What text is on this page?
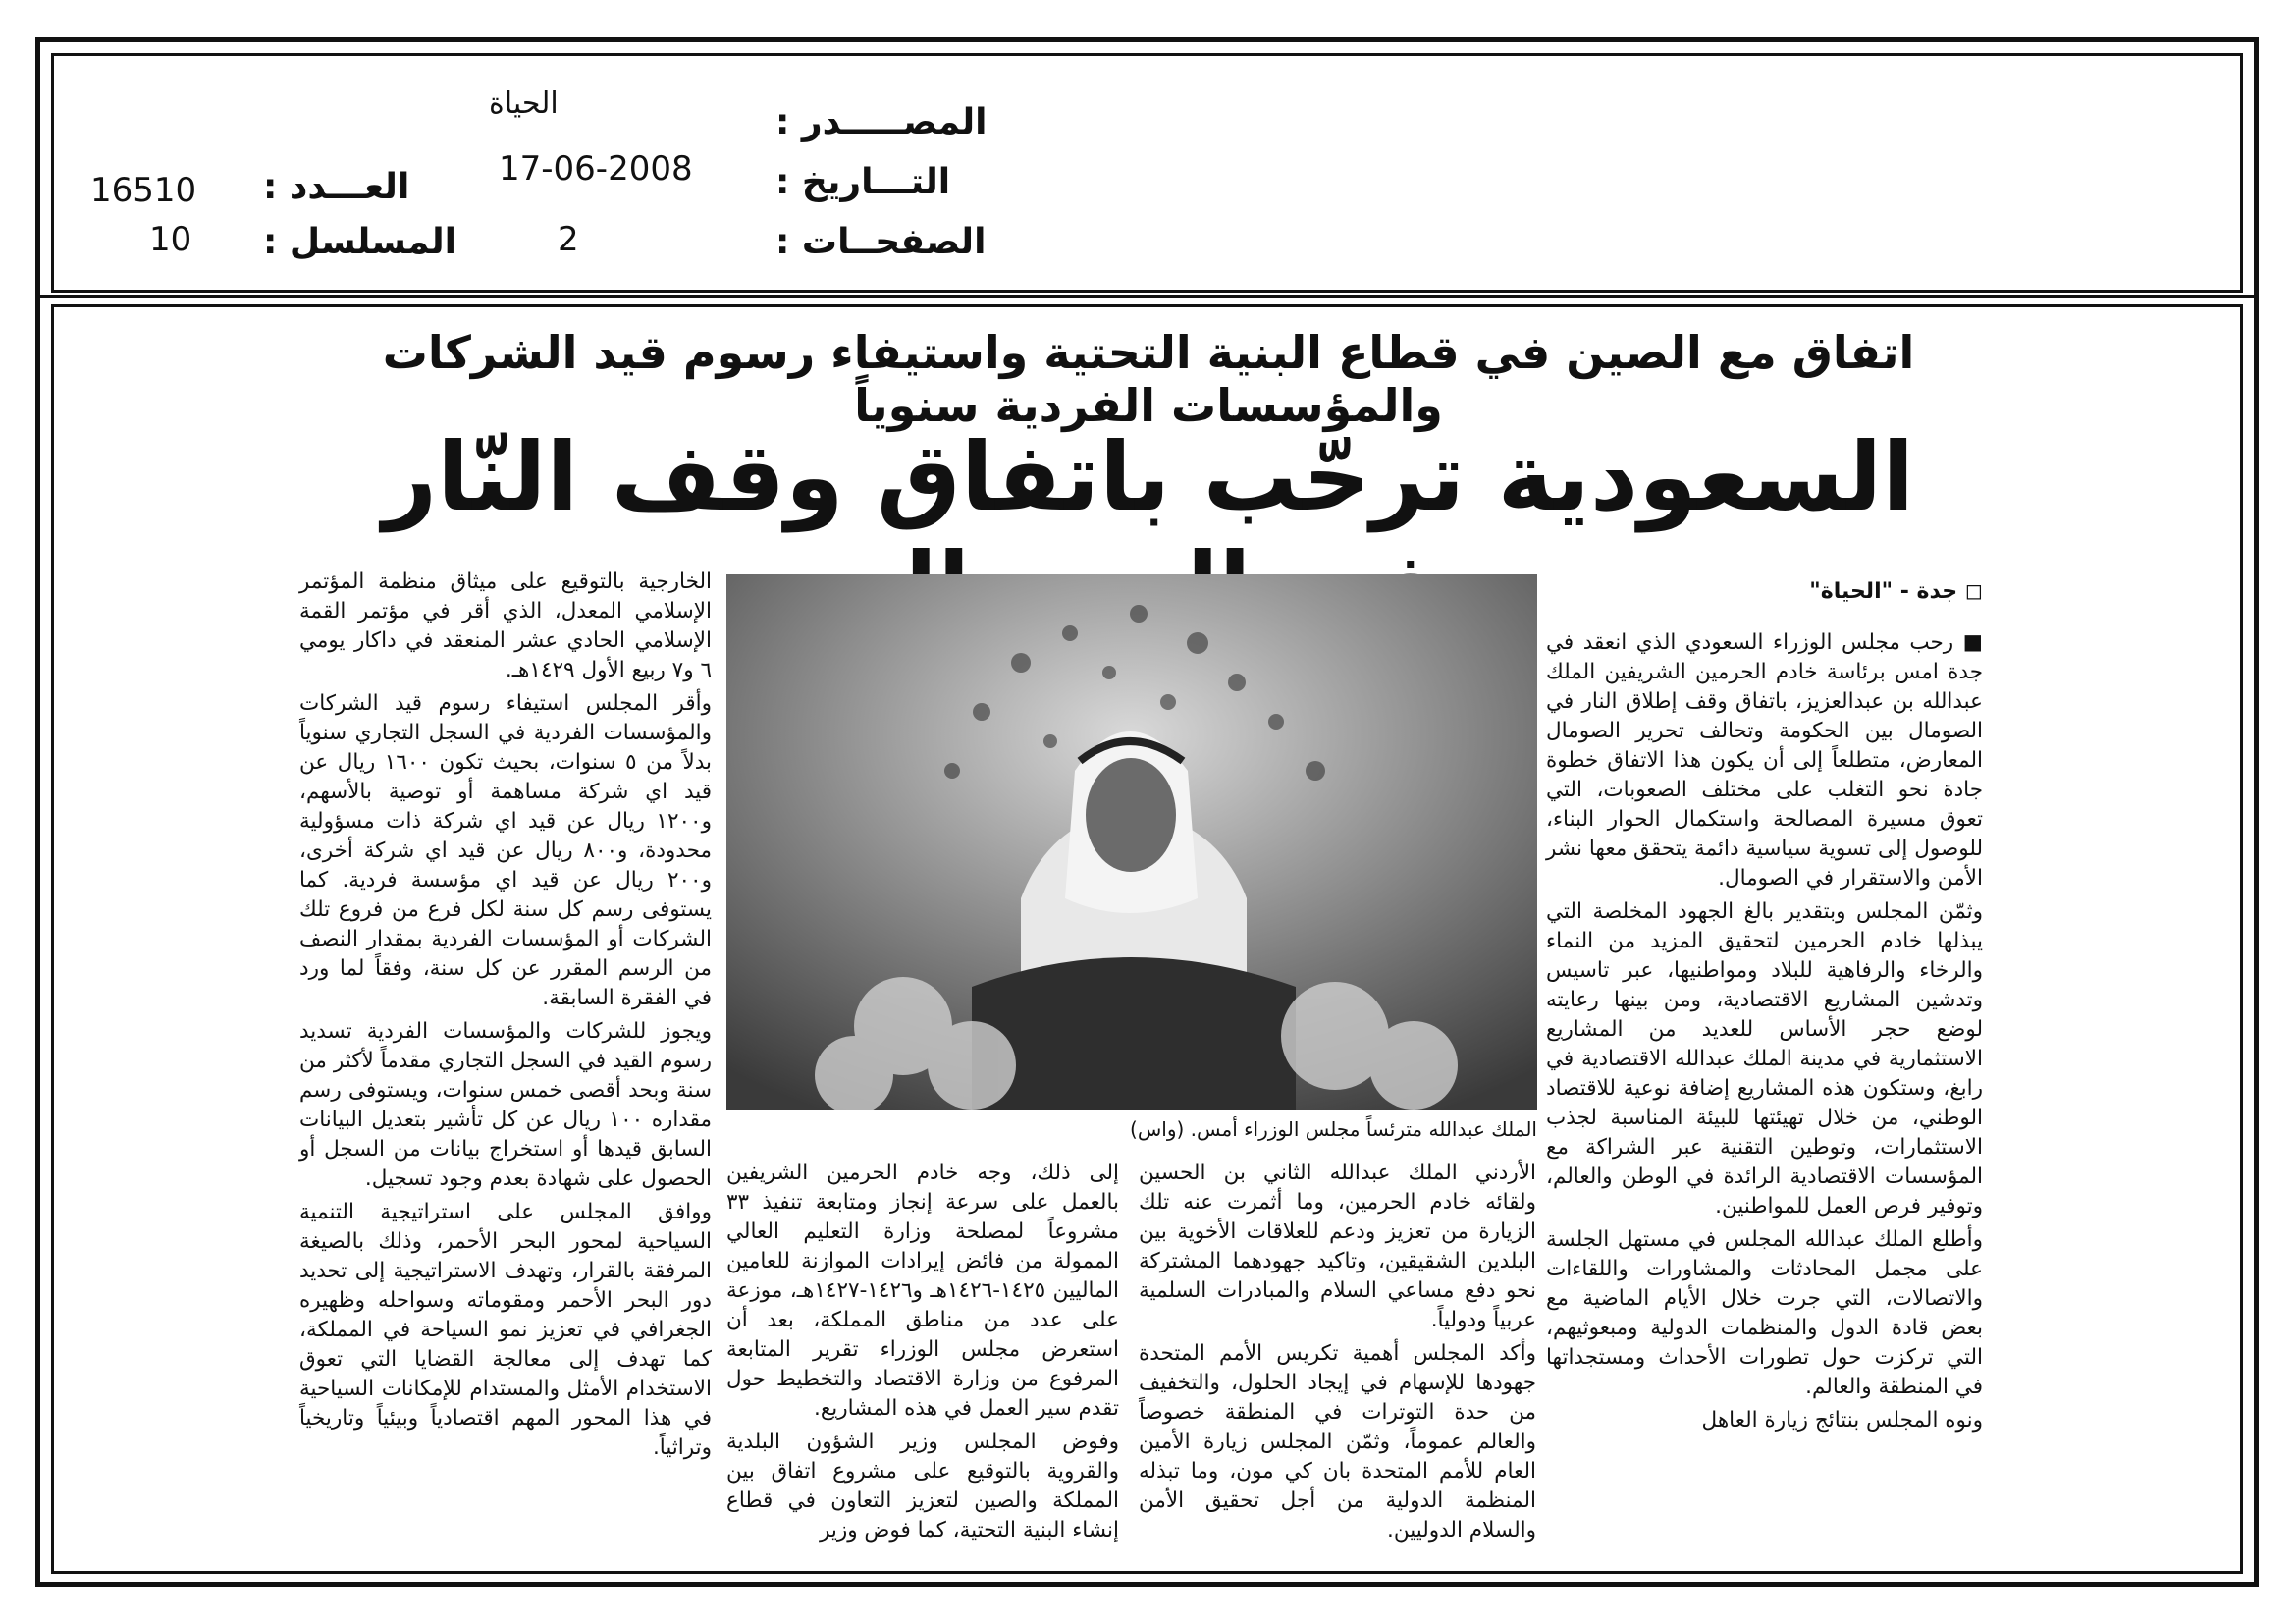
المصـــــدر :
التـــاريخ :
الصفحــات :
العـــدد :
المسلسل :
الحياة
17-06-2008
2
16510
10
اتفاق مع الصين في قطاع البنية التحتية واستيفاء رسوم قيد الشركات والمؤسسات الفردية سنوياً
السعودية ترحّب باتفاق وقف النّار
◻ جدة - "الحياة"
الملك عبدالله مترئساً مجلس الوزراء أمس. (واس)

■ رحب مجلس الوزراء السعودي الذي انعقد في جدة امس برئاسة خادم الحرمين الشريفين الملك عبدالله بن عبدالعزيز، باتفاق وقف إطلاق النار في الصومال بين الحكومة وتحالف تحرير الصومال المعارض، متطلعاً إلى أن يكون هذا الاتفاق خطوة جادة نحو التغلب على مختلف الصعوبات، التي تعوق مسيرة المصالحة واستكمال الحوار البناء، للوصول إلى تسوية سياسية دائمة يتحقق معها نشر الأمن والاستقرار في الصومال.

وثمّن المجلس وبتقدير بالغ الجهود المخلصة التي يبذلها خادم الحرمين لتحقيق المزيد من النماء والرخاء والرفاهية للبلاد ومواطنيها، عبر تاسيس وتدشين المشاريع الاقتصادية، ومن بينها رعايته لوضع حجر الأساس للعديد من المشاريع الاستثمارية في مدينة الملك عبدالله الاقتصادية في رابغ، وستكون هذه المشاريع إضافة نوعية للاقتصاد الوطني، من خلال تهيئتها للبيئة المناسبة لجذب الاستثمارات، وتوطين التقنية عبر الشراكة مع المؤسسات الاقتصادية الرائدة في الوطن والعالم، وتوفير فرص العمل للمواطنين.

وأطلع الملك عبدالله المجلس في مستهل الجلسة على مجمل المحادثات والمشاورات واللقاءات والاتصالات، التي جرت خلال الأيام الماضية مع بعض قادة الدول والمنظمات الدولية ومبعوثيهم، التي تركزت حول تطورات الأحداث ومستجداتها في المنطقة والعالم.

ونوه المجلس بنتائج زيارة العاهل

الأردني الملك عبدالله الثاني بن الحسين ولقائه خادم الحرمين، وما أثمرت عنه تلك الزيارة من تعزيز ودعم للعلاقات الأخوية بين البلدين الشقيقين، وتاكيد جهودهما المشتركة نحو دفع مساعي السلام والمبادرات السلمية عربياً ودولياً.

وأكد المجلس أهمية تكريس الأمم المتحدة جهودها للإسهام في إيجاد الحلول، والتخفيف من حدة التوترات في المنطقة خصوصاً والعالم عموماً، وثمّن المجلس زيارة الأمين العام للأمم المتحدة بان كي مون، وما تبذله المنظمة الدولية من أجل تحقيق الأمن والسلام الدوليين.

إلى ذلك، وجه خادم الحرمين الشريفين بالعمل على سرعة إنجاز ومتابعة تنفيذ ٣٣ مشروعاً لمصلحة وزارة التعليم العالي الممولة من فائض إيرادات الموازنة للعامين الماليين ١٤٢٥-١٤٢٦هـ و١٤٢٦-١٤٢٧هـ، موزعة على عدد من مناطق المملكة، بعد أن استعرض مجلس الوزراء تقرير المتابعة المرفوع من وزارة الاقتصاد والتخطيط حول تقدم سير العمل في هذه المشاريع.

وفوض المجلس وزير الشؤون البلدية والقروية بالتوقيع على مشروع اتفاق بين المملكة والصين لتعزيز التعاون في قطاع إنشاء البنية التحتية، كما فوض وزير

الخارجية بالتوقيع على ميثاق منظمة المؤتمر الإسلامي المعدل، الذي أقر في مؤتمر القمة الإسلامي الحادي عشر المنعقد في داكار يومي ٦ و٧ ربيع الأول ١٤٢٩هـ.

وأقر المجلس استيفاء رسوم قيد الشركات والمؤسسات الفردية في السجل التجاري سنوياً بدلاً من ٥ سنوات، بحيث تكون ١٦٠٠ ريال عن قيد اي شركة مساهمة أو توصية بالأسهم، و١٢٠٠ ريال عن قيد اي شركة ذات مسؤولية محدودة، و٨٠٠ ريال عن قيد اي شركة أخرى، و٢٠٠ ريال عن قيد اي مؤسسة فردية. كما يستوفى رسم كل سنة لكل فرع من فروع تلك الشركات أو المؤسسات الفردية بمقدار النصف من الرسم المقرر عن كل سنة، وفقاً لما ورد في الفقرة السابقة.

ويجوز للشركات والمؤسسات الفردية تسديد رسوم القيد في السجل التجاري مقدماً لأكثر من سنة وبحد أقصى خمس سنوات، ويستوفى رسم مقداره ١٠٠ ريال عن كل تأشير بتعديل البيانات السابق قيدها أو استخراج بيانات من السجل أو الحصول على شهادة بعدم وجود تسجيل.

ووافق المجلس على استراتيجية التنمية السياحية لمحور البحر الأحمر، وذلك بالصيغة المرفقة بالقرار، وتهدف الاستراتيجية إلى تحديد دور البحر الأحمر ومقوماته وسواحله وظهيره الجغرافي في تعزيز نمو السياحة في المملكة، كما تهدف إلى معالجة القضايا التي تعوق الاستخدام الأمثل والمستدام للإمكانات السياحية في هذا المحور المهم اقتصادياً وبيئياً وتاريخياً وتراثياً.
